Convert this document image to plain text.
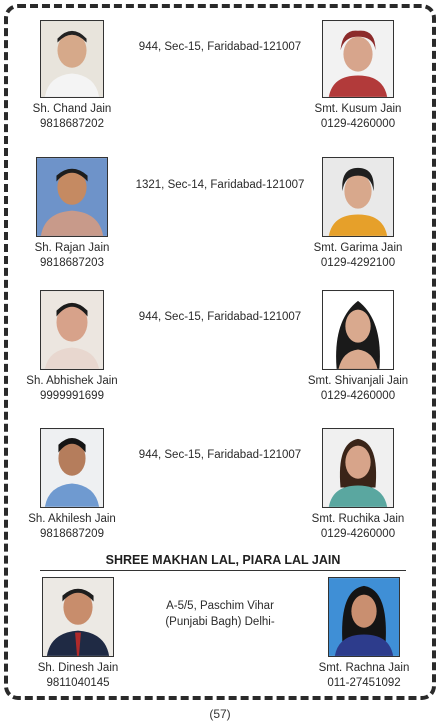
Sh. Chand Jain
9818687202
944, Sec-15, Faridabad-121007
Smt. Kusum Jain
0129-4260000
Sh. Rajan Jain
9818687203
1321, Sec-14, Faridabad-121007
Smt. Garima Jain
0129-4292100
Sh. Abhishek Jain
9999991699
944, Sec-15, Faridabad-121007
Smt. Shivanjali Jain
0129-4260000
Sh. Akhilesh Jain
9818687209
944, Sec-15, Faridabad-121007
Smt. Ruchika Jain
0129-4260000
SHREE MAKHAN LAL, PIARA LAL JAIN
Sh. Dinesh Jain
9811040145
A-5/5, Paschim Vihar
(Punjabi Bagh) Delhi-
Smt. Rachna Jain
011-27451092
(57)
